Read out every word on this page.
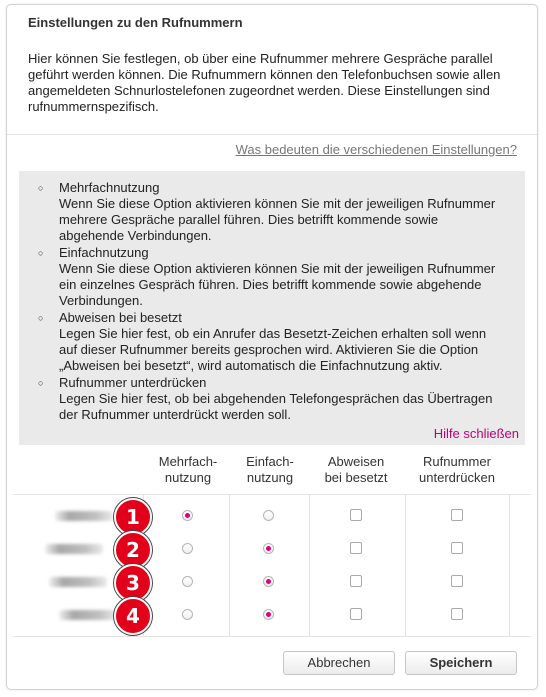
Einstellungen zu den Rufnummern
Hier können Sie festlegen, ob über eine Rufnummer mehrere Gespräche parallel geführt werden können. Die Rufnummern können den Telefonbuchsen sowie allen angemeldeten Schnurlostelefonen zugeordnet werden. Diese Einstellungen sind rufnummernspezifisch.
Was bedeuten die verschiedenen Einstellungen?
○ Mehrfachnutzung
Wenn Sie diese Option aktivieren können Sie mit der jeweiligen Rufnummer mehrere Gespräche parallel führen. Dies betrifft kommende sowie abgehende Verbindungen.
○ Einfachnutzung
Wenn Sie diese Option aktivieren können Sie mit der jeweiligen Rufnummer ein einzelnes Gespräch führen. Dies betrifft kommende sowie abgehende Verbindungen.
○ Abweisen bei besetzt
Legen Sie hier fest, ob ein Anrufer das Besetzt-Zeichen erhalten soll wenn auf dieser Rufnummer bereits gesprochen wird. Aktivieren Sie die Option „Abweisen bei besetzt“, wird automatisch die Einfachnutzung aktiv.
○ Rufnummer unterdrücken
Legen Sie hier fest, ob bei abgehenden Telefongesprächen das Übertragen der Rufnummer unterdrückt werden soll.
Hilfe schließen
Mehrfach-
nutzung
Einfach-
nutzung
Abweisen
bei besetzt
Rufnummer
unterdrücken
1
2
3
4
Abbrechen	Speichern
